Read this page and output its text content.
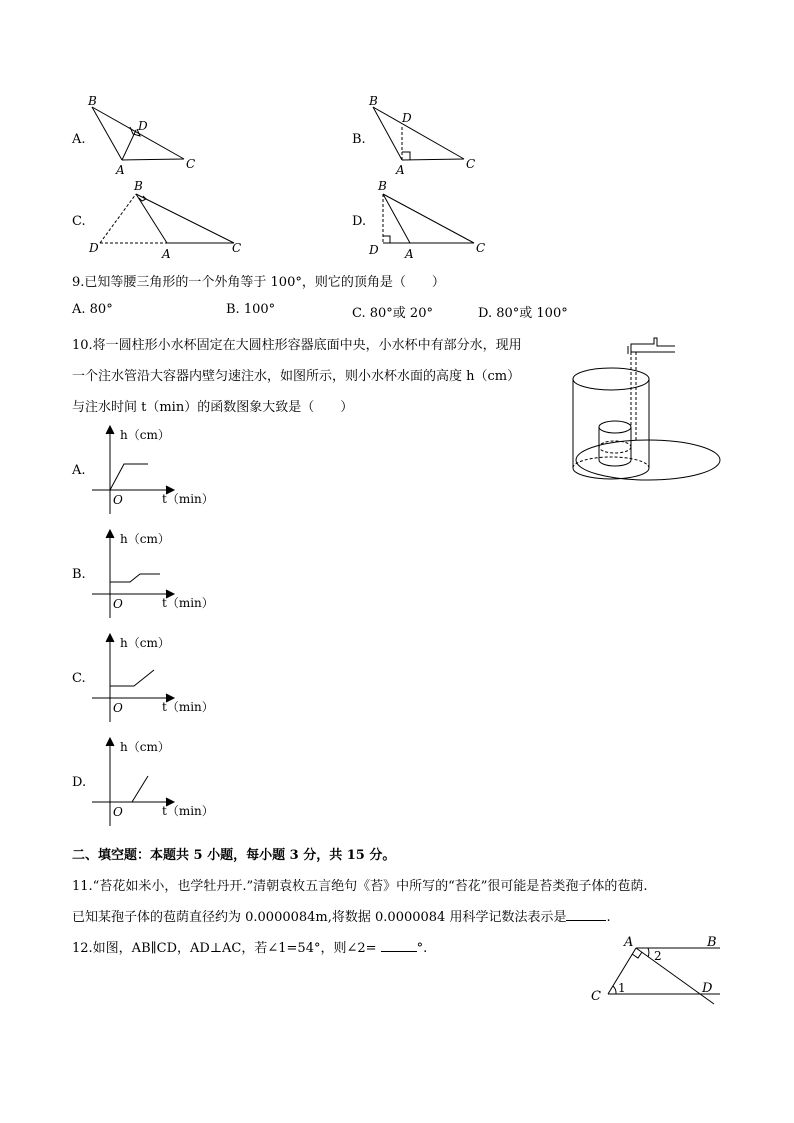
A.
B
D
A	C
B.
B
D
A	C
C.
B
D	A	C
D.
B
D A	C
9.已知等腰三角形的一个外角等于 100°，则它的顶角是（　　）
A. 80°	B. 100°	C. 80°或 20°	D. 80°或 100°
10.将一圆柱形小水杯固定在大圆柱形容器底面中央，小水杯中有部分水，现用
一个注水管沿大容器内壁匀速注水，如图所示，则小水杯水面的高度 h（cm）
与注水时间 t（min）的函数图象大致是（　　）
A.
B.
C.
D.
h（cm）
O	t（min）
h（cm）
O	t（min）
h（cm）
O	t（min）
h（cm）
O	t（min）
二、填空题：本题共 5 小题，每小题 3 分，共 15 分。
11.“苔花如米小，也学牡丹开.”清朝袁枚五言绝句《苔》中所写的“苔花”很可能是苔类孢子体的苞荫.
已知某孢子体的苞荫直径约为 0.0000084m,将数据 0.0000084 用科学记数法表示是	.
12.如图，AB∥CD，AD⊥AC，若∠1=54°，则∠2=	°.	A	B
C
D
1
2
